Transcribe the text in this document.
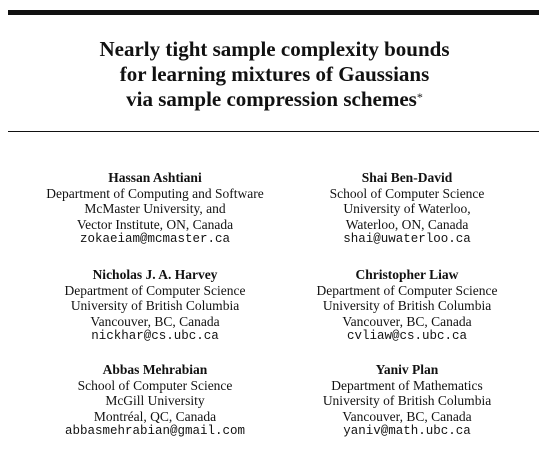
Nearly tight sample complexity bounds
for learning mixtures of Gaussians
via sample compression schemes*
Hassan Ashtiani
Department of Computing and Software
McMaster University, and
Vector Institute, ON, Canada
zokaeiam@mcmaster.ca
Shai Ben-David
School of Computer Science
University of Waterloo,
Waterloo, ON, Canada
shai@uwaterloo.ca
Nicholas J. A. Harvey
Department of Computer Science
University of British Columbia
Vancouver, BC, Canada
nickhar@cs.ubc.ca
Christopher Liaw
Department of Computer Science
University of British Columbia
Vancouver, BC, Canada
cvliaw@cs.ubc.ca
Abbas Mehrabian
School of Computer Science
McGill University
Montréal, QC, Canada
abbasmehrabian@gmail.com
Yaniv Plan
Department of Mathematics
University of British Columbia
Vancouver, BC, Canada
yaniv@math.ubc.ca
